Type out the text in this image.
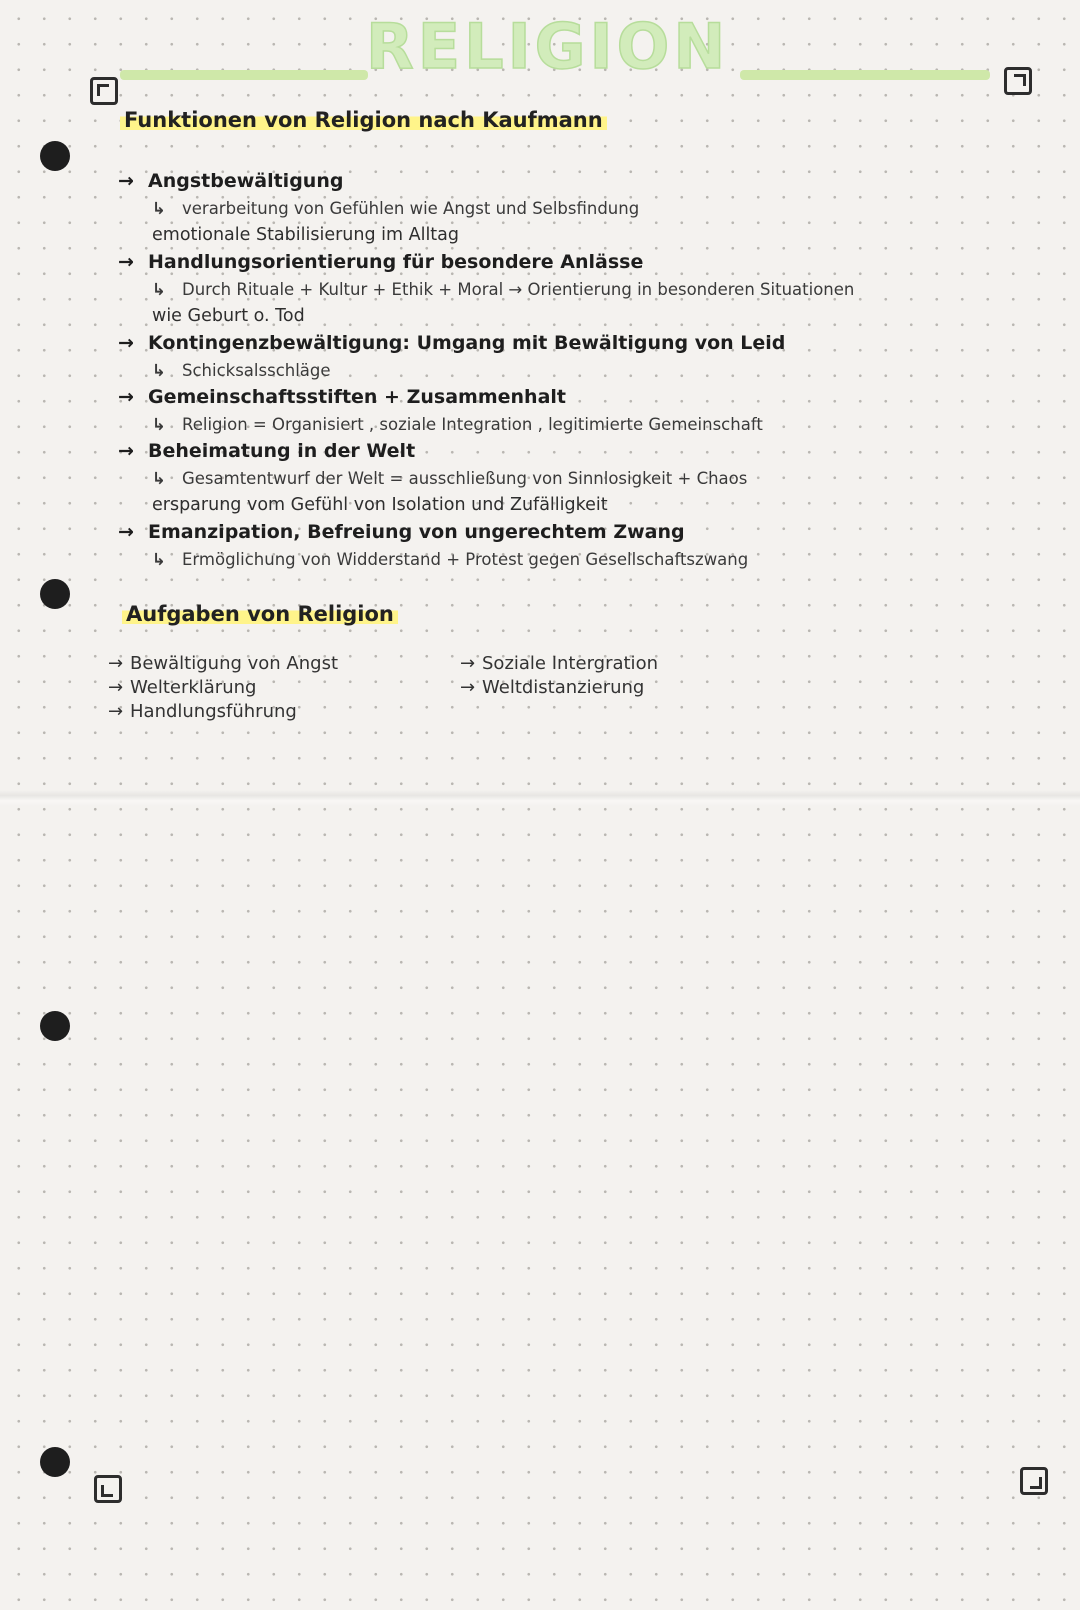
RELIGION
Funktionen von Religion nach Kaufmann
→ Angstbewältigung
↳ verarbeitung von Gefühlen wie Angst und Selbsfindung
emotionale Stabilisierung im Alltag
→ Handlungsorientierung für besondere Anlässe
↳ Durch Rituale + Kultur + Ethik + Moral → Orientierung in besonderen Situationen
wie Geburt o. Tod
→ Kontingenzbewältigung: Umgang mit Bewältigung von Leid
↳ Schicksalsschläge
→ Gemeinschaftsstiften + Zusammenhalt
↳ Religion = Organisiert , soziale Integration , legitimierte Gemeinschaft
→ Beheimatung in der Welt
↳ Gesamtentwurf der Welt = ausschließung von Sinnlosigkeit + Chaos
ersparung vom Gefühl von Isolation und Zufälligkeit
→ Emanzipation, Befreiung von ungerechtem Zwang
↳ Ermöglichung von Widderstand + Protest gegen Gesellschaftszwang
Aufgaben von Religion
→ Bewältigung von Angst
→ Welterklärung
→ Handlungsführung
→ Soziale Intergration
→ Weltdistanzierung
